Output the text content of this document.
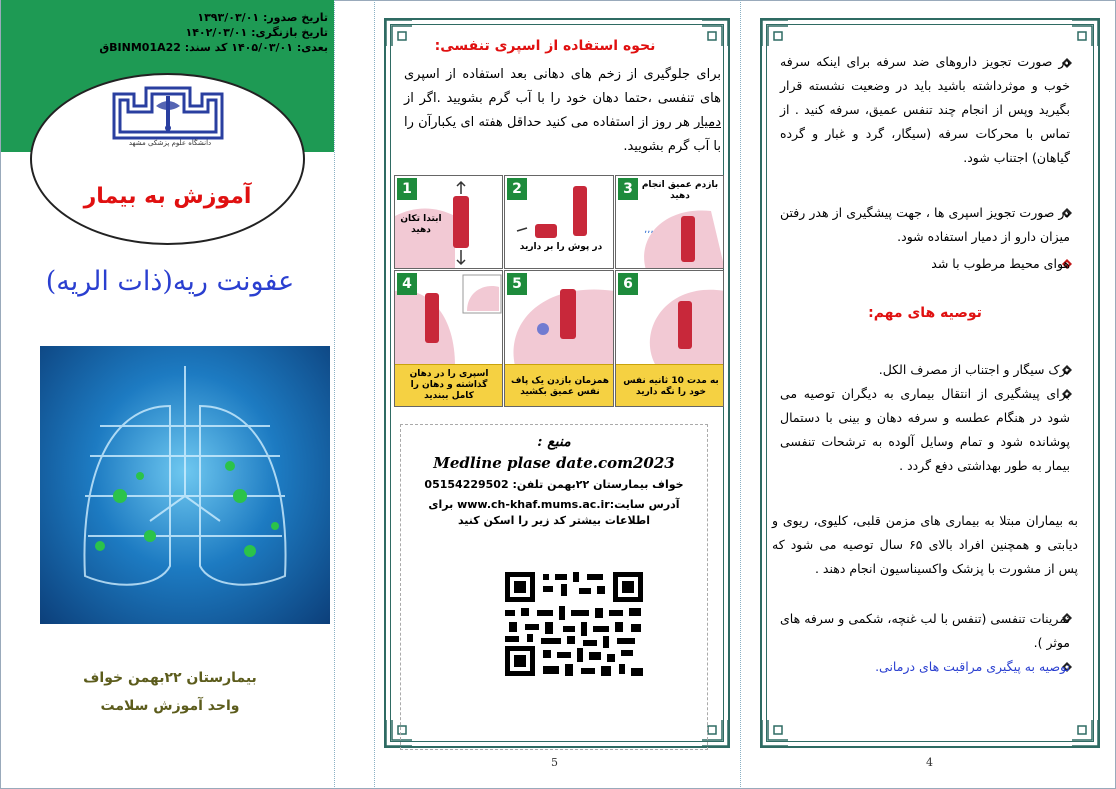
تاریخ صدور: ۱۳۹۳/۰۳/۰۱
تاریخ بازنگری: ۱۴۰۲/۰۳/۰۱
بعدی: ۱۴۰۵/۰۳/۰۱ کد سند: BINM01A22ق
دانشگاه علوم پزشکی مشهد
آموزش به بیمار
عفونت ریه(ذات الریه)
بیمارستان ۲۲بهمن خواف
واحد آموزش سلامت
نحوه استفاده از اسپری تنفسی:
برای جلوگیری از زخم های دهانی بعد استفاده از اسپری های تنفسی ،حتما دهان خود را با آب گرم بشویید .اگر از دمیار هر روز از استفاده می کنید حداقل هفته ای یکبارآن را با آب گرم بشویید.
3
ʼʼʼ
بازدم عمیق انجام دهید
2
در پوش را بر دارید
1
ابتدا تکان دهید
6
به مدت 10 ثانیه نفس خود را نگه دارید
5
همزمان بازدن یک پاف نفس عمیق بکشید
4
اسپری را در دهان گذاشته و دهان را کامل ببندید
منبع :
Medline plase date.com2023
خواف بیمارستان ۲۲بهمن تلفن: 05154229502
آدرس سایت:www.ch-khaf.mums.ac.ir برای
اطلاعات بیشتر کد زیر را اسکن کنید
5
در صورت تجویز داروهای ضد سرفه برای اینکه سرفه خوب و موثرداشته باشید باید در وضعیت نشسته قرار بگیرید وپس از انجام چند تنفس عمیق، سرفه کنید . از تماس با محرکات سرفه (سیگار، گرد و غبار و گرده گیاهان) اجتناب شود.
در صورت تجویز اسپری ها ، جهت پیشگیری از هدر رفتن میزان دارو از دمیار استفاده شود.
هوای محیط مرطوب با شد
توصیه های مهم:
ترک سیگار و اجتناب از مصرف الکل.
برای پیشگیری از انتقال بیماری به دیگران توصیه می شود در هنگام عطسه و سرفه دهان و بینی با دستمال پوشانده شود و تمام وسایل آلوده به ترشحات تنفسی بیمار به طور بهداشتی دفع گردد .
به بیماران مبتلا به بیماری های مزمن قلبی، کلیوی، ریوی و دیابتی و همچنین افراد بالای ۶۵ سال توصیه می شود که پس از مشورت با پزشک واکسیناسیون انجام دهند .
تمرینات تنفسی (تنفس با لب غنچه، شکمی و سرفه های موثر ).
توصیه به پیگیری مراقبت های درمانی.
4
